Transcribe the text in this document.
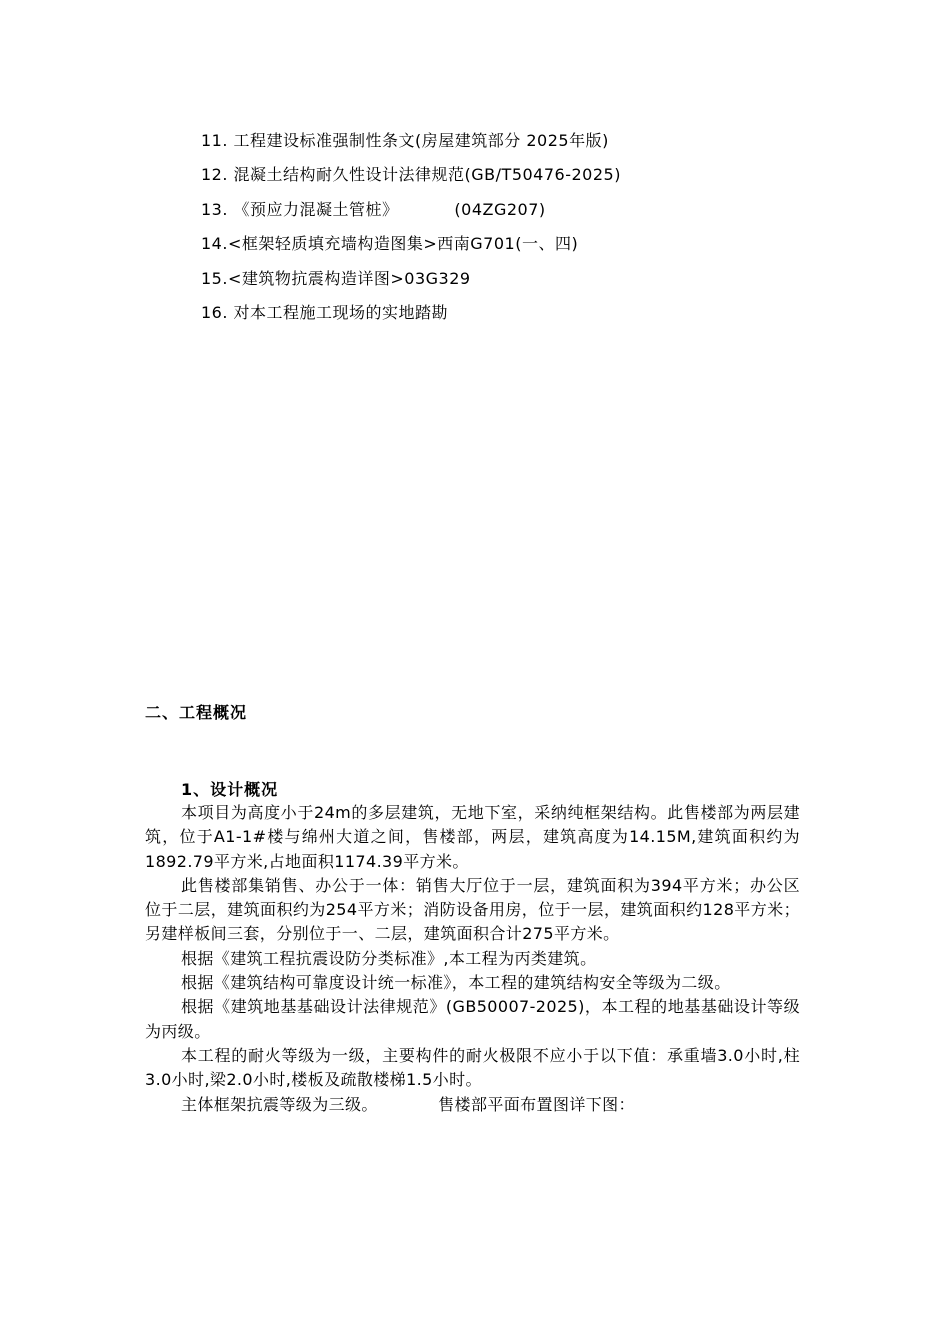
11. 工程建设标准强制性条文(房屋建筑部分 2025年版)
12. 混凝土结构耐久性设计法律规范(GB/T50476-2025)
13. 《预应力混凝土管桩》          (04ZG207)
14.<框架轻质填充墙构造图集>西南G701(一、四)
15.<建筑物抗震构造详图>03G329
16. 对本工程施工现场的实地踏勘
二、工程概况
1、设计概况

本项目为高度小于24m的多层建筑，无地下室，采纳纯框架结构。此售楼部为两层建筑，位于A1-1#楼与绵州大道之间，售楼部，两层，建筑高度为14.15M,建筑面积约为1892.79平方米,占地面积1174.39平方米。

此售楼部集销售、办公于一体：销售大厅位于一层，建筑面积为394平方米；办公区位于二层，建筑面积约为254平方米；消防设备用房，位于一层，建筑面积约128平方米；另建样板间三套，分别位于一、二层，建筑面积合计275平方米。

根据《建筑工程抗震设防分类标准》,本工程为丙类建筑。

根据《建筑结构可靠度设计统一标准》，本工程的建筑结构安全等级为二级。

根据《建筑地基基础设计法律规范》(GB50007-2025)，本工程的地基基础设计等级为丙级。

本工程的耐火等级为一级，主要构件的耐火极限不应小于以下值：承重墙3.0小时,柱3.0小时,梁2.0小时,楼板及疏散楼梯1.5小时。

主体框架抗震等级为三级。           售楼部平面布置图详下图：
